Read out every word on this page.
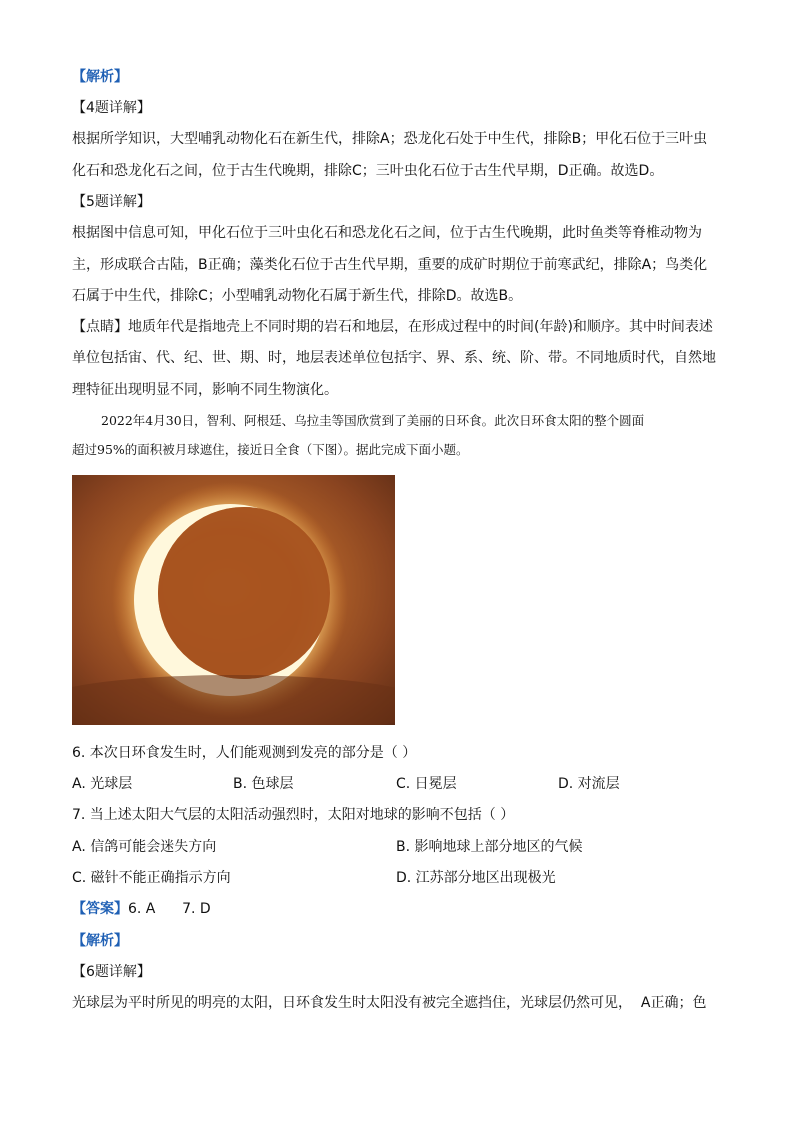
【解析】
【4题详解】
根据所学知识，大型哺乳动物化石在新生代，排除A；恐龙化石处于中生代，排除B；甲化石位于三叶虫
化石和恐龙化石之间，位于古生代晚期，排除C；三叶虫化石位于古生代早期，D正确。故选D。
【5题详解】
根据图中信息可知，甲化石位于三叶虫化石和恐龙化石之间，位于古生代晚期，此时鱼类等脊椎动物为
主，形成联合古陆，B正确；藻类化石位于古生代早期，重要的成矿时期位于前寒武纪，排除A；鸟类化
石属于中生代，排除C；小型哺乳动物化石属于新生代，排除D。故选B。
【点睛】地质年代是指地壳上不同时期的岩石和地层，在形成过程中的时间(年龄)和顺序。其中时间表述
单位包括宙、代、纪、世、期、时，地层表述单位包括宇、界、系、统、阶、带。不同地质时代，自然地
理特征出现明显不同，影响不同生物演化。
2022年4月30日，智利、阿根廷、乌拉圭等国欣赏到了美丽的日环食。此次日环食太阳的整个圆面
超过95%的面积被月球遮住，接近日全食（下图）。据此完成下面小题。
6. 本次日环食发生时，人们能观测到发亮的部分是（ ）
A. 光球层	B. 色球层	C. 日冕层	D. 对流层
7. 当上述太阳大气层的太阳活动强烈时，太阳对地球的影响不包括（ ）
A. 信鸽可能会迷失方向	B. 影响地球上部分地区的气候
C. 磁针不能正确指示方向	D. 江苏部分地区出现极光
【答案】6. A      7. D
【解析】
【6题详解】
光球层为平时所见的明亮的太阳，日环食发生时太阳没有被完全遮挡住，光球层仍然可见，  A正确；色
